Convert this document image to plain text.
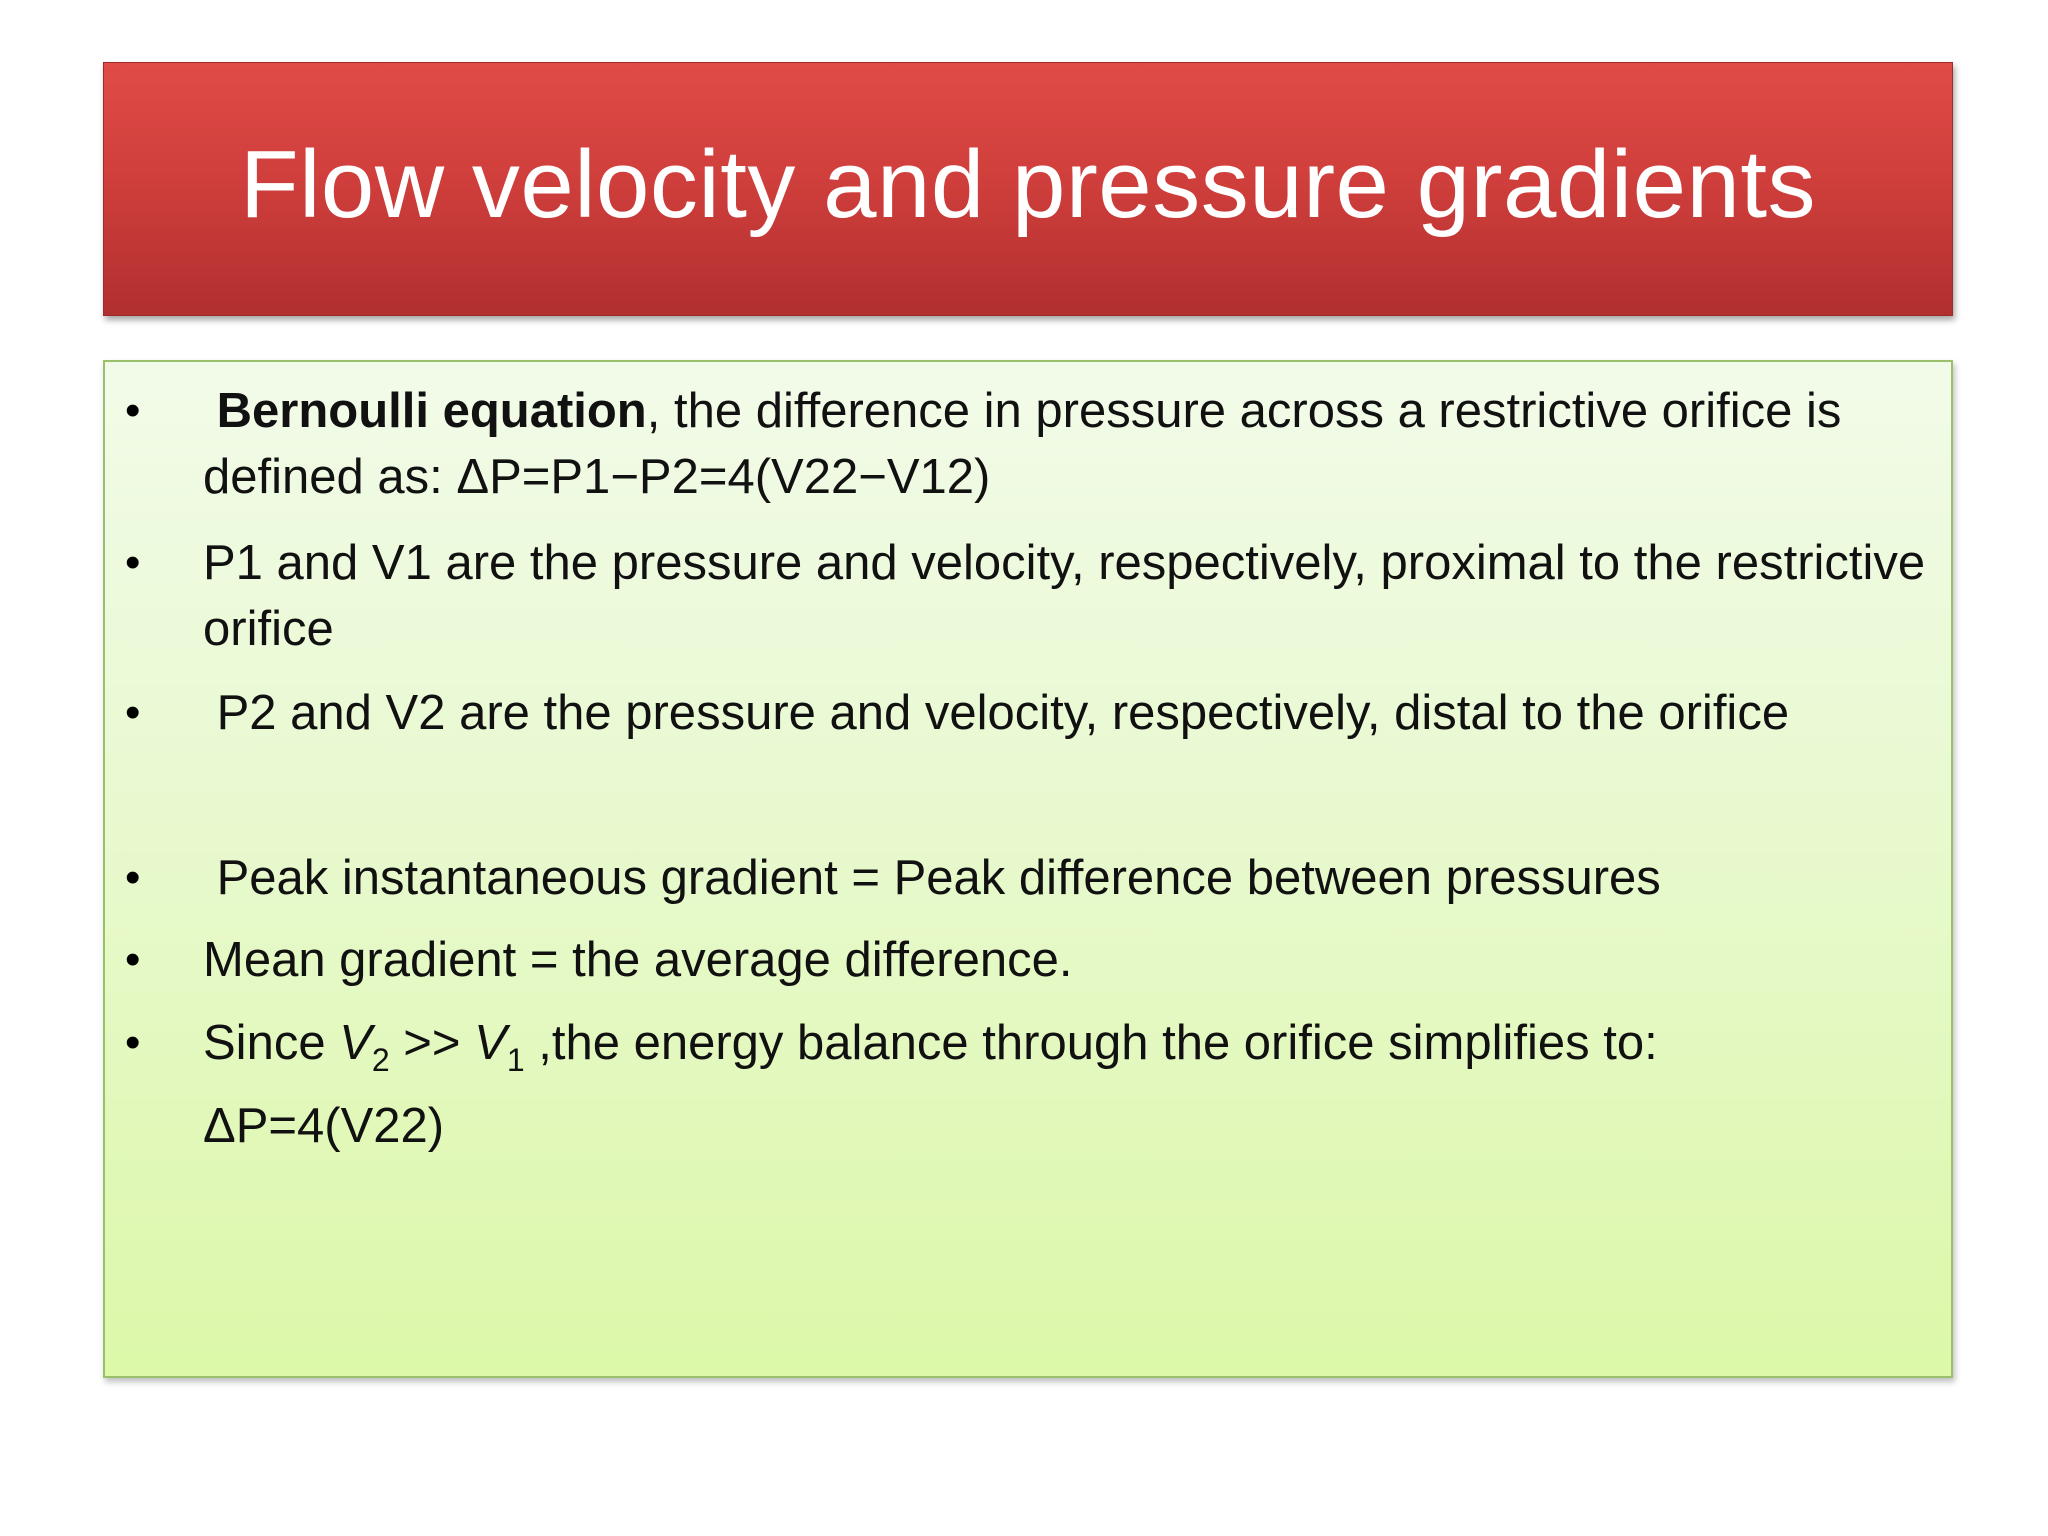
Flow velocity and pressure gradients
• Bernoulli equation, the difference in pressure across a restrictive orifice is defined as: ΔP=P1−P2=4(V22−V12)
• P1 and V1 are the pressure and velocity, respectively, proximal to the restrictive orifice
• P2 and V2 are the pressure and velocity, respectively, distal to the orifice
• Peak instantaneous gradient = Peak difference between pressures
• Mean gradient = the average difference.
• Since $V_2 >> V_1$ ,the energy balance through the orifice simplifies to: ΔP=4(V22)
